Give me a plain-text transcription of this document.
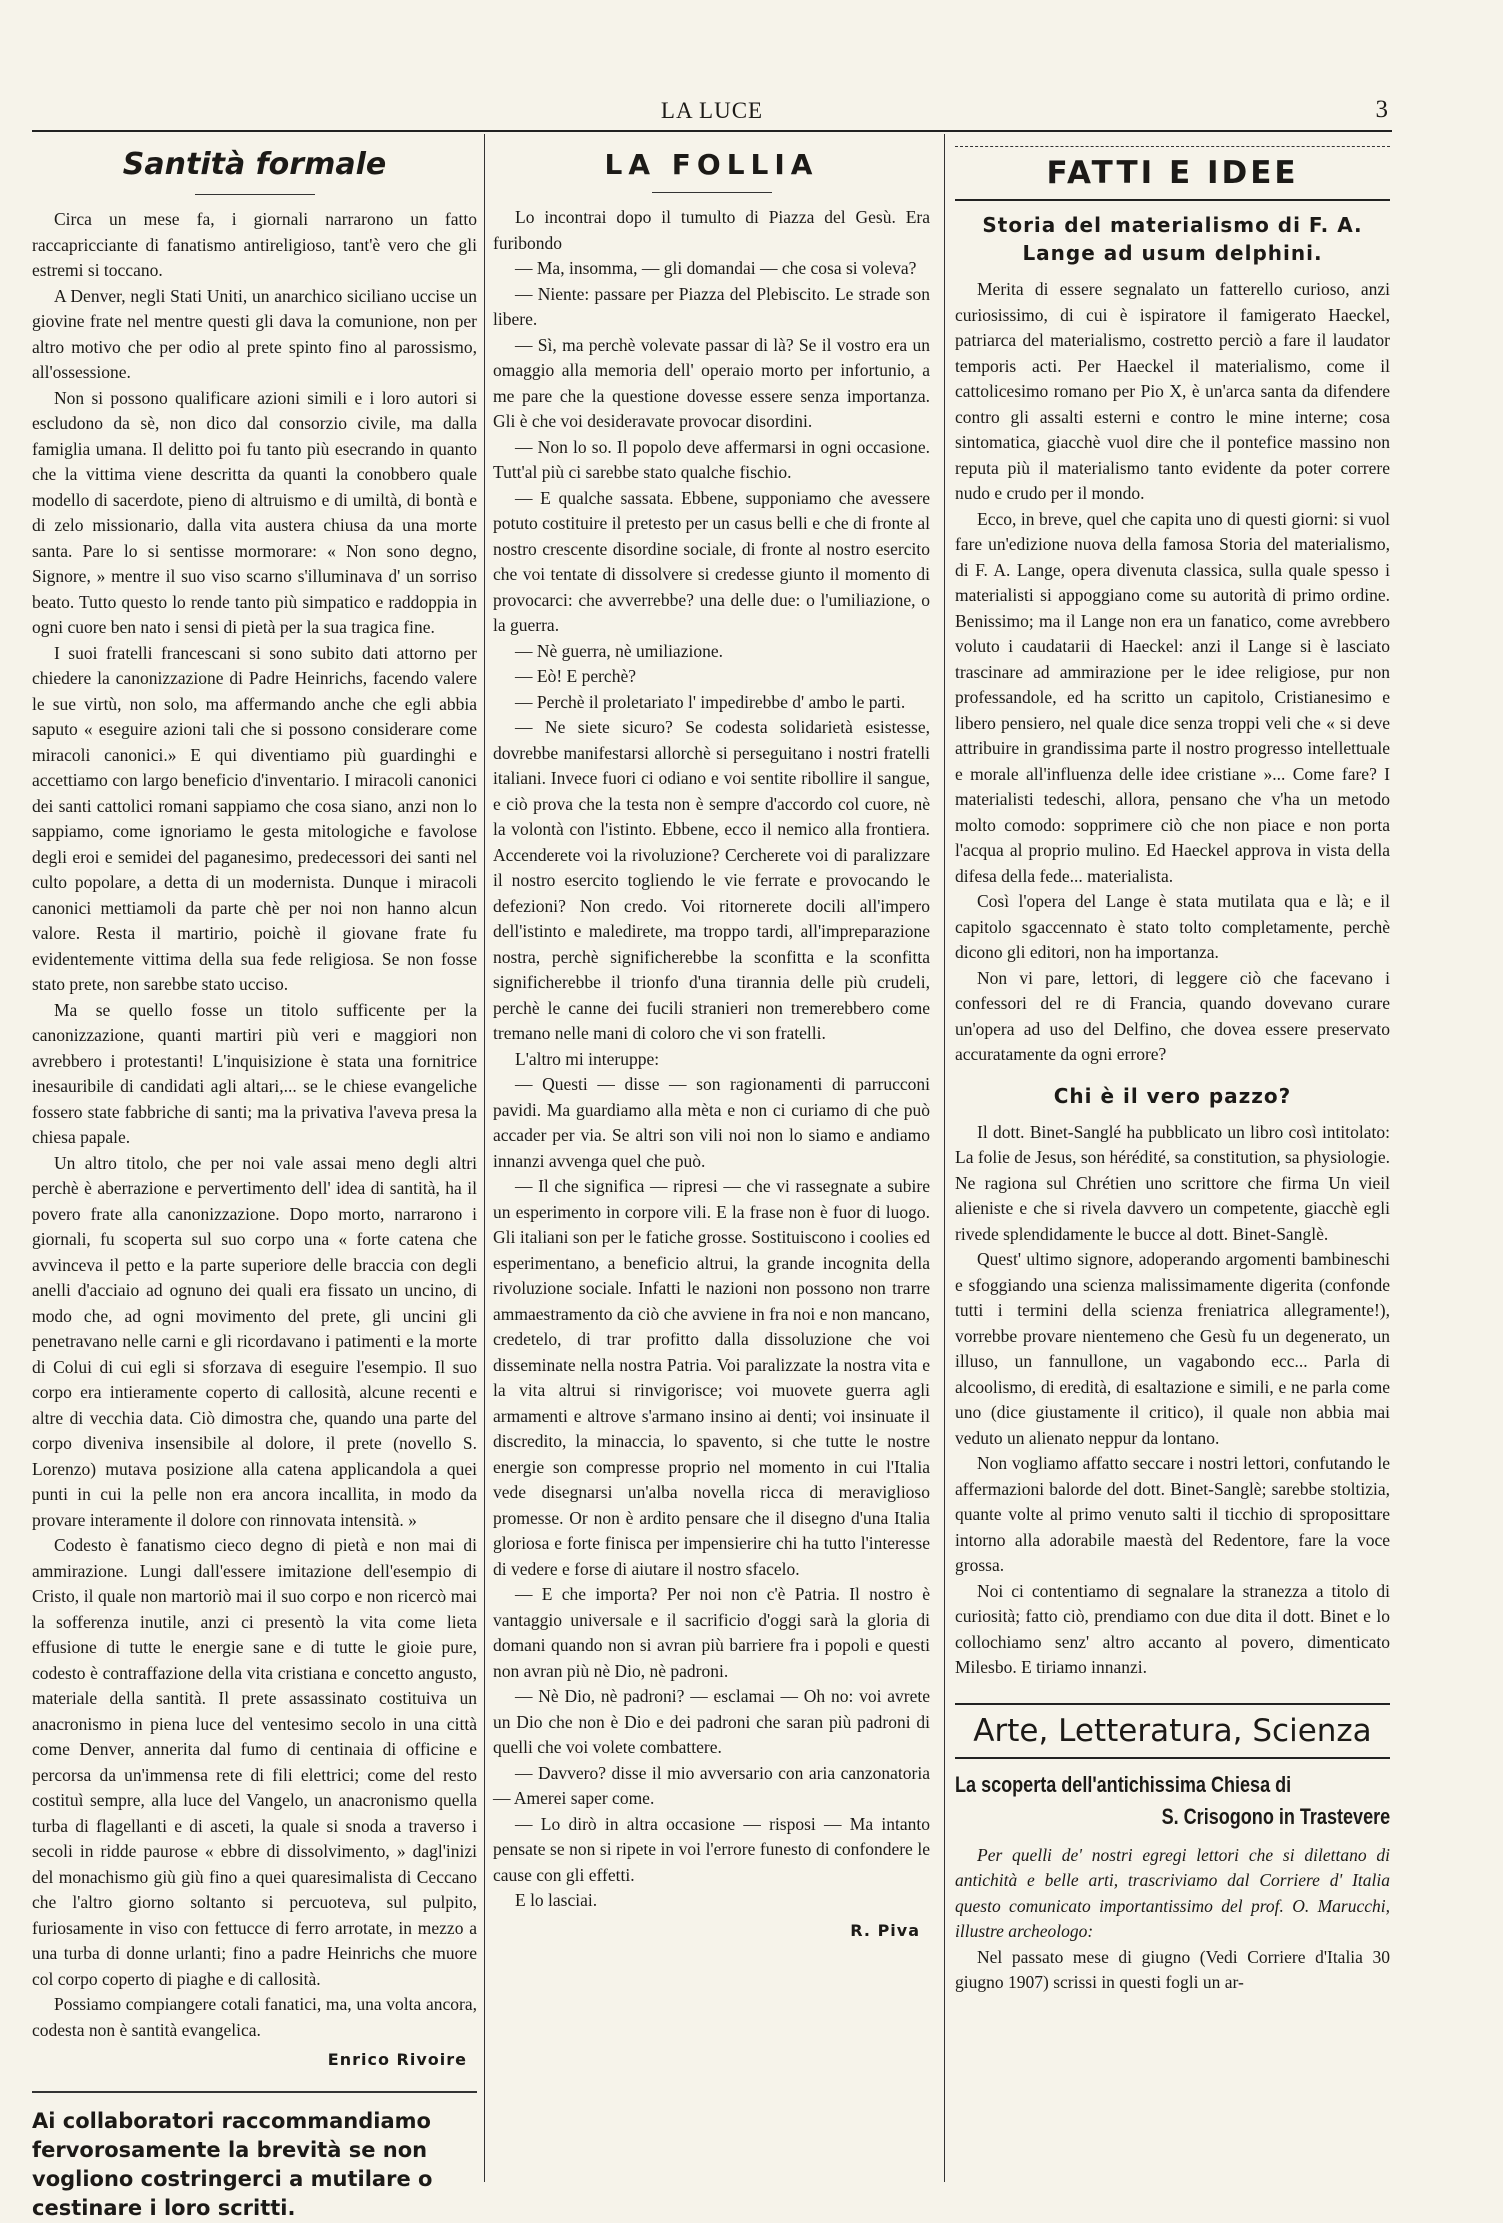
LA LUCE	3
Santità formale

Circa un mese fa, i giornali narrarono un fatto raccapricciante di fanatismo antireligioso, tant'è vero che gli estremi si toccano.

A Denver, negli Stati Uniti, un anarchico siciliano uccise un giovine frate nel mentre questi gli dava la comunione, non per altro motivo che per odio al prete spinto fino al parossismo, all'ossessione.

Non si possono qualificare azioni simili e i loro autori si escludono da sè, non dico dal consorzio civile, ma dalla famiglia umana. Il delitto poi fu tanto più esecrando in quanto che la vittima viene descritta da quanti la conobbero quale modello di sacerdote, pieno di altruismo e di umiltà, di bontà e di zelo missionario, dalla vita austera chiusa da una morte santa. Pare lo si sentisse mormorare: « Non sono degno, Signore, » mentre il suo viso scarno s'illuminava d' un sorriso beato. Tutto questo lo rende tanto più simpatico e raddoppia in ogni cuore ben nato i sensi di pietà per la sua tragica fine.

I suoi fratelli francescani si sono subito dati attorno per chiedere la canonizzazione di Padre Heinrichs, facendo valere le sue virtù, non solo, ma affermando anche che egli abbia saputo « eseguire azioni tali che si possono considerare come miracoli canonici.» E qui diventiamo più guardinghi e accettiamo con largo beneficio d'inventario. I miracoli canonici dei santi cattolici romani sappiamo che cosa siano, anzi non lo sappiamo, come ignoriamo le gesta mitologiche e favolose degli eroi e semidei del paganesimo, predecessori dei santi nel culto popolare, a detta di un modernista. Dunque i miracoli canonici mettiamoli da parte chè per noi non hanno alcun valore. Resta il martirio, poichè il giovane frate fu evidentemente vittima della sua fede religiosa. Se non fosse stato prete, non sarebbe stato ucciso.

Ma se quello fosse un titolo sufficente per la canonizzazione, quanti martiri più veri e maggiori non avrebbero i protestanti! L'inquisizione è stata una fornitrice inesauribile di candidati agli altari,... se le chiese evangeliche fossero state fabbriche di santi; ma la privativa l'aveva presa la chiesa papale.

Un altro titolo, che per noi vale assai meno degli altri perchè è aberrazione e pervertimento dell' idea di santità, ha il povero frate alla canonizzazione. Dopo morto, narrarono i giornali, fu scoperta sul suo corpo una « forte catena che avvinceva il petto e la parte superiore delle braccia con degli anelli d'acciaio ad ognuno dei quali era fissato un uncino, di modo che, ad ogni movimento del prete, gli uncini gli penetravano nelle carni e gli ricordavano i patimenti e la morte di Colui di cui egli si sforzava di eseguire l'esempio. Il suo corpo era intieramente coperto di callosità, alcune recenti e altre di vecchia data. Ciò dimostra che, quando una parte del corpo diveniva insensibile al dolore, il prete (novello S. Lorenzo) mutava posizione alla catena applicandola a quei punti in cui la pelle non era ancora incallita, in modo da provare interamente il dolore con rinnovata intensità. »

Codesto è fanatismo cieco degno di pietà e non mai di ammirazione. Lungi dall'essere imitazione dell'esempio di Cristo, il quale non martoriò mai il suo corpo e non ricercò mai la sofferenza inutile, anzi ci presentò la vita come lieta effusione di tutte le energie sane e di tutte le gioie pure, codesto è contraffazione della vita cristiana e concetto angusto, materiale della santità. Il prete assassinato costituiva un anacronismo in piena luce del ventesimo secolo in una città come Denver, annerita dal fumo di centinaia di officine e percorsa da un'immensa rete di fili elettrici; come del resto costituì sempre, alla luce del Vangelo, un anacronismo quella turba di flagellanti e di asceti, la quale si snoda a traverso i secoli in ridde paurose « ebbre di dissolvimento, » dagl'inizi del monachismo giù giù fino a quei quaresimalista di Ceccano che l'altro giorno soltanto si percuoteva, sul pulpito, furiosamente in viso con fettucce di ferro arrotate, in mezzo a una turba di donne urlanti; fino a padre Heinrichs che muore col corpo coperto di piaghe e di callosità.

Possiamo compiangere cotali fanatici, ma, una volta ancora, codesta non è santità evangelica.

Enrico Rivoire
Ai collaboratori raccommandiamo fervorosamente la brevità se non vogliono costringerci a mutilare o cestinare i loro scritti.
LA FOLLIA

Lo incontrai dopo il tumulto di Piazza del Gesù. Era furibondo

— Ma, insomma, — gli domandai — che cosa si voleva?

— Niente: passare per Piazza del Plebiscito. Le strade son libere.

— Sì, ma perchè volevate passar di là? Se il vostro era un omaggio alla memoria dell' operaio morto per infortunio, a me pare che la questione dovesse essere senza importanza. Gli è che voi desideravate provocar disordini.

— Non lo so. Il popolo deve affermarsi in ogni occasione. Tutt'al più ci sarebbe stato qualche fischio.

— E qualche sassata. Ebbene, supponiamo che avessere potuto costituire il pretesto per un casus belli e che di fronte al nostro crescente disordine sociale, di fronte al nostro esercito che voi tentate di dissolvere si credesse giunto il momento di provocarci: che avverrebbe? una delle due: o l'umiliazione, o la guerra.

— Nè guerra, nè umiliazione.

— Eò! E perchè?

— Perchè il proletariato l' impedirebbe d' ambo le parti.

— Ne siete sicuro? Se codesta solidarietà esistesse, dovrebbe manifestarsi allorchè si perseguitano i nostri fratelli italiani. Invece fuori ci odiano e voi sentite ribollire il sangue, e ciò prova che la testa non è sempre d'accordo col cuore, nè la volontà con l'istinto. Ebbene, ecco il nemico alla frontiera. Accenderete voi la rivoluzione? Cercherete voi di paralizzare il nostro esercito togliendo le vie ferrate e provocando le defezioni? Non credo. Voi ritornerete docili all'impero dell'istinto e maledirete, ma troppo tardi, all'impreparazione nostra, perchè significherebbe la sconfitta e la sconfitta significherebbe il trionfo d'una tirannia delle più crudeli, perchè le canne dei fucili stranieri non tremerebbero come tremano nelle mani di coloro che vi son fratelli.

L'altro mi interuppe:

— Questi — disse — son ragionamenti di parrucconi pavidi. Ma guardiamo alla mèta e non ci curiamo di che può accader per via. Se altri son vili noi non lo siamo e andiamo innanzi avvenga quel che può.

— Il che significa — ripresi — che vi rassegnate a subire un esperimento in corpore vili. E la frase non è fuor di luogo. Gli italiani son per le fatiche grosse. Sostituiscono i coolies ed esperimentano, a beneficio altrui, la grande incognita della rivoluzione sociale. Infatti le nazioni non possono non trarre ammaestramento da ciò che avviene in fra noi e non mancano, credetelo, di trar profitto dalla dissoluzione che voi disseminate nella nostra Patria. Voi paralizzate la nostra vita e la vita altrui si rinvigorisce; voi muovete guerra agli armamenti e altrove s'armano insino ai denti; voi insinuate il discredito, la minaccia, lo spavento, si che tutte le nostre energie son compresse proprio nel momento in cui l'Italia vede disegnarsi un'alba novella ricca di meraviglioso promesse. Or non è ardito pensare che il disegno d'una Italia gloriosa e forte finisca per impensierire chi ha tutto l'interesse di vedere e forse di aiutare il nostro sfacelo.

— E che importa? Per noi non c'è Patria. Il nostro è vantaggio universale e il sacrificio d'oggi sarà la gloria di domani quando non si avran più barriere fra i popoli e questi non avran più nè Dio, nè padroni.

— Nè Dio, nè padroni? — esclamai — Oh no: voi avrete un Dio che non è Dio e dei padroni che saran più padroni di quelli che voi volete combattere.

— Davvero? disse il mio avversario con aria canzonatoria — Amerei saper come.

— Lo dirò in altra occasione — risposi — Ma intanto pensate se non si ripete in voi l'errore funesto di confondere le cause con gli effetti.

E lo lasciai.

R. Piva
FATTI E IDEE
Storia del materialismo di F. A. Lange ad usum delphini.

Merita di essere segnalato un fatterello curioso, anzi curiosissimo, di cui è ispiratore il famigerato Haeckel, patriarca del materialismo, costretto perciò a fare il laudator temporis acti. Per Haeckel il materialismo, come il cattolicesimo romano per Pio X, è un'arca santa da difendere contro gli assalti esterni e contro le mine interne; cosa sintomatica, giacchè vuol dire che il pontefice massino non reputa più il materialismo tanto evidente da poter correre nudo e crudo per il mondo.

Ecco, in breve, quel che capita uno di questi giorni: si vuol fare un'edizione nuova della famosa Storia del materialismo, di F. A. Lange, opera divenuta classica, sulla quale spesso i materialisti si appoggiano come su autorità di primo ordine. Benissimo; ma il Lange non era un fanatico, come avrebbero voluto i caudatarii di Haeckel: anzi il Lange si è lasciato trascinare ad ammirazione per le idee religiose, pur non professandole, ed ha scritto un capitolo, Cristianesimo e libero pensiero, nel quale dice senza troppi veli che « si deve attribuire in grandissima parte il nostro progresso intellettuale e morale all'influenza delle idee cristiane »... Come fare? I materialisti tedeschi, allora, pensano che v'ha un metodo molto comodo: sopprimere ciò che non piace e non porta l'acqua al proprio mulino. Ed Haeckel approva in vista della difesa della fede... materialista.

Così l'opera del Lange è stata mutilata qua e là; e il capitolo sgaccennato è stato tolto completamente, perchè dicono gli editori, non ha importanza.

Non vi pare, lettori, di leggere ciò che facevano i confessori del re di Francia, quando dovevano curare un'opera ad uso del Delfino, che dovea essere preservato accuratamente da ogni errore?

Chi è il vero pazzo?

Il dott. Binet-Sanglé ha pubblicato un libro così intitolato: La folie de Jesus, son hérédité, sa constitution, sa physiologie. Ne ragiona sul Chrétien uno scrittore che firma Un vieil alieniste e che si rivela davvero un competente, giacchè egli rivede splendidamente le bucce al dott. Binet-Sanglè.

Quest' ultimo signore, adoperando argomenti bambineschi e sfoggiando una scienza malissimamente digerita (confonde tutti i termini della scienza freniatrica allegramente!), vorrebbe provare nientemeno che Gesù fu un degenerato, un illuso, un fannullone, un vagabondo ecc... Parla di alcoolismo, di eredità, di esaltazione e simili, e ne parla come uno (dice giustamente il critico), il quale non abbia mai veduto un alienato neppur da lontano.

Non vogliamo affatto seccare i nostri lettori, confutando le affermazioni balorde del dott. Binet-Sanglè; sarebbe stoltizia, quante volte al primo venuto salti il ticchio di sproposittare intorno alla adorabile maestà del Redentore, fare la voce grossa.

Noi ci contentiamo di segnalare la stranezza a titolo di curiosità; fatto ciò, prendiamo con due dita il dott. Binet e lo collochiamo senz' altro accanto al povero, dimenticato Milesbo. E tiriamo innanzi.

Arte, Letteratura, Scienza
La scoperta dell'antichissima Chiesa di
S. Crisogono in Trastevere

Per quelli de' nostri egregi lettori che si dilettano di antichità e belle arti, trascriviamo dal Corriere d' Italia questo comunicato importantissimo del prof. O. Marucchi, illustre archeologo:

Nel passato mese di giugno (Vedi Corriere d'Italia 30 giugno 1907) scrissi in questi fogli un ar-
